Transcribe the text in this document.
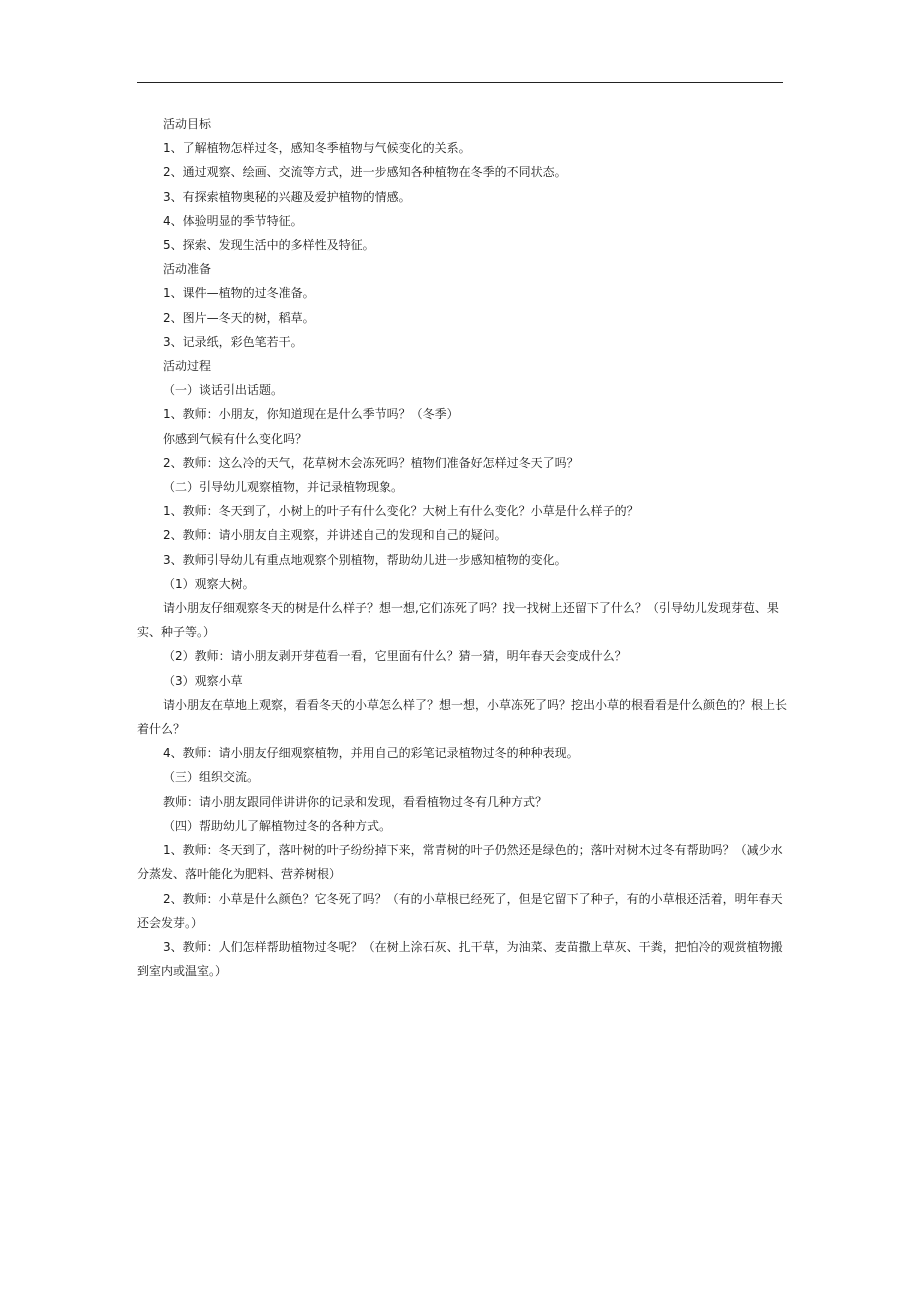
活动目标

1、了解植物怎样过冬，感知冬季植物与气候变化的关系。

2、通过观察、绘画、交流等方式，进一步感知各种植物在冬季的不同状态。

3、有探索植物奥秘的兴趣及爱护植物的情感。

4、体验明显的季节特征。

5、探索、发现生活中的多样性及特征。

活动准备

1、课件—植物的过冬准备。

2、图片—冬天的树，稻草。

3、记录纸，彩色笔若干。

活动过程

（一）谈话引出话题。

1、教师：小朋友，你知道现在是什么季节吗？（冬季）

你感到气候有什么变化吗？

2、教师：这么冷的天气，花草树木会冻死吗？植物们准备好怎样过冬天了吗？

（二）引导幼儿观察植物，并记录植物现象。

1、教师：冬天到了，小树上的叶子有什么变化？大树上有什么变化？小草是什么样子的？

2、教师：请小朋友自主观察，并讲述自己的发现和自己的疑问。

3、教师引导幼儿有重点地观察个别植物，帮助幼儿进一步感知植物的变化。

（1）观察大树。

请小朋友仔细观察冬天的树是什么样子？想一想,它们冻死了吗？找一找树上还留下了什么？（引导幼儿发现芽苞、果实、种子等。）

（2）教师：请小朋友剥开芽苞看一看，它里面有什么？猜一猜，明年春天会变成什么？

（3）观察小草

请小朋友在草地上观察，看看冬天的小草怎么样了？想一想，小草冻死了吗？挖出小草的根看看是什么颜色的？根上长着什么？

4、教师：请小朋友仔细观察植物，并用自己的彩笔记录植物过冬的种种表现。

（三）组织交流。

教师：请小朋友跟同伴讲讲你的记录和发现，看看植物过冬有几种方式？

（四）帮助幼儿了解植物过冬的各种方式。

1、教师：冬天到了，落叶树的叶子纷纷掉下来，常青树的叶子仍然还是绿色的；落叶对树木过冬有帮助吗？（减少水分蒸发、落叶能化为肥料、营养树根）

2、教师：小草是什么颜色？它冬死了吗？（有的小草根已经死了，但是它留下了种子，有的小草根还活着，明年春天还会发芽。）

3、教师：人们怎样帮助植物过冬呢？（在树上涂石灰、扎干草，为油菜、麦苗撒上草灰、干粪，把怕冷的观赏植物搬到室内或温室。）
